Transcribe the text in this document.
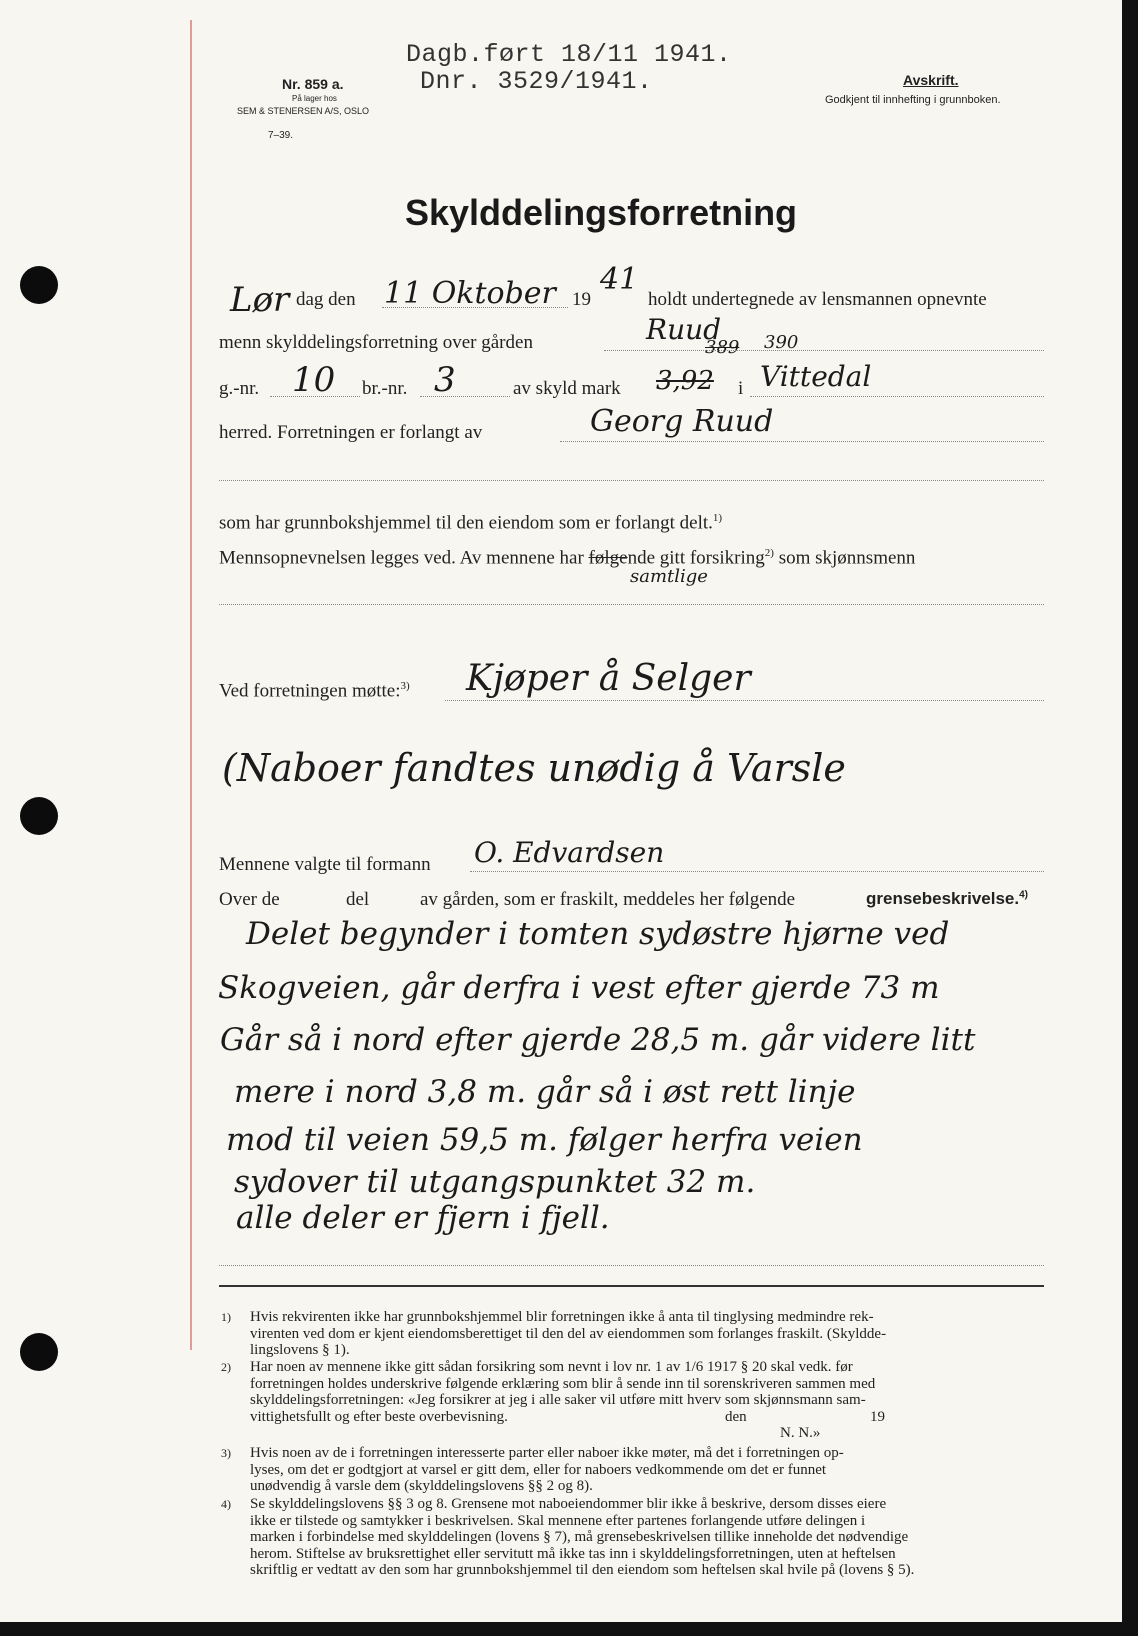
Dagb.ført 18/11 1941.
Dnr. 3529/1941.
Nr. 859 a.
På lager hos
SEM & STENERSEN A/S, OSLO
7–39.
Avskrift.
Godkjent til innhefting i grunnboken.
Skylddelingsforretning
Lør dag den 11 Oktober 19
41
holdt undertegnede av lensmannen opnevnte
menn skylddelingsforretning over gården	Ruud
389 390
g.-nr. 10 br.-nr. 3	av skyld mark 3,92 i Vittedal
herred. Forretningen er forlangt av	Georg Ruud
som har grunnbokshjemmel til den eiendom som er forlangt delt.$^{1)}$
Mennsopnevnelsen legges ved. Av mennene har følgende gitt forsikring$^{2)}$ som skjønnsmenn
samtlige
Ved forretningen møtte:$^{3)}$ Kjøper å Selger
(Naboer fandtes unødig å Varsle
Mennene valgte til formann O. Edvardsen
Over de	del	av gården, som er fraskilt, meddeles her følgende	grensebeskrivelse.$^{4)}$
Delet begynder i tomten sydøstre hjørne ved
Skogveien, går derfra i vest efter gjerde 73 m
Går så i nord efter gjerde 28,5 m. går videre litt
mere i nord 3,8 m. går så i øst rett linje
mod til veien 59,5 m. følger herfra veien
sydover til utgangspunktet 32 m.
alle deler er fjern i fjell.
1) Hvis rekvirenten ikke har grunnbokshjemmel blir forretningen ikke å anta til tinglysing medmindre rek-
virenten ved dom er kjent eiendomsberettiget til den del av eiendommen som forlanges fraskilt. (Skyldde-
lingslovens § 1).
2) Har noen av mennene ikke gitt sådan forsikring som nevnt i lov nr. 1 av 1/6 1917 § 20 skal vedk. før
forretningen holdes underskrive følgende erklæring som blir å sende inn til sorenskriveren sammen med
skylddelingsforretningen: «Jeg forsikrer at jeg i alle saker vil utføre mitt hverv som skjønnsmann sam-
vittighetsfullt og efter beste overbevisning.	den	19
N. N.»
3) Hvis noen av de i forretningen interesserte parter eller naboer ikke møter, må det i forretningen op-
lyses, om det er godtgjort at varsel er gitt dem, eller for naboers vedkommende om det er funnet
unødvendig å varsle dem (skylddelingslovens §§ 2 og 8).
4) Se skylddelingslovens §§ 3 og 8. Grensene mot naboeiendommer blir ikke å beskrive, dersom disses eiere
ikke er tilstede og samtykker i beskrivelsen. Skal mennene efter partenes forlangende utføre delingen i
marken i forbindelse med skylddelingen (lovens § 7), må grensebeskrivelsen tillike inneholde det nødvendige
herom. Stiftelse av bruksrettighet eller servitutt må ikke tas inn i skylddelingsforretningen, uten at heftelsen
skriftlig er vedtatt av den som har grunnbokshjemmel til den eiendom som heftelsen skal hvile på (lovens § 5).
